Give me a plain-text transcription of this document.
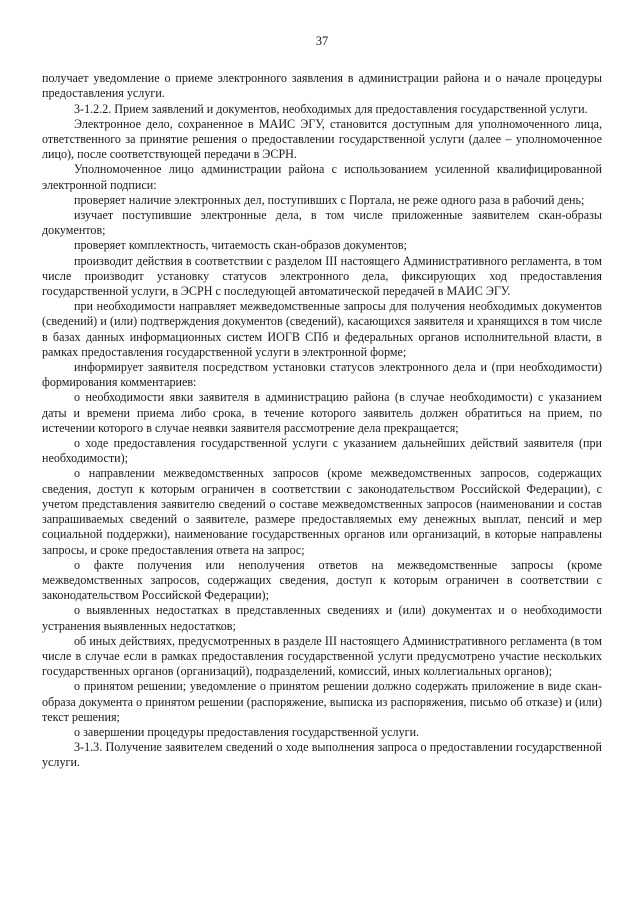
37

получает уведомление о приеме электронного заявления в администрации района и о начале процедуры предоставления услуги.

3-1.2.2. Прием заявлений и документов, необходимых для предоставления государственной услуги.

Электронное дело, сохраненное в МАИС ЭГУ, становится доступным для уполномоченного лица, ответственного за принятие решения о предоставлении государственной услуги (далее – уполномоченное лицо), после соответствующей передачи в ЭСРН.

Уполномоченное лицо администрации района с использованием усиленной квалифицированной электронной подписи:

проверяет наличие электронных дел, поступивших с Портала, не реже одного раза в рабочий день;

изучает поступившие электронные дела, в том числе приложенные заявителем скан-образы документов;

проверяет комплектность, читаемость скан-образов документов;

производит действия в соответствии с разделом III настоящего Административного регламента, в том числе производит установку статусов электронного дела, фиксирующих ход предоставления государственной услуги, в ЭСРН с последующей автоматической передачей в МАИС ЭГУ.

при необходимости направляет межведомственные запросы для получения необходимых документов (сведений) и (или) подтверждения документов (сведений), касающихся заявителя и хранящихся в том числе в базах данных информационных систем ИОГВ СПб и федеральных органов исполнительной власти, в рамках предоставления государственной услуги в электронной форме;

информирует заявителя посредством установки статусов электронного дела и (при необходимости) формирования комментариев:

о необходимости явки заявителя в администрацию района (в случае необходимости) с указанием даты и времени приема либо срока, в течение которого заявитель должен обратиться на прием, по истечении которого в случае неявки заявителя рассмотрение дела прекращается;

о ходе предоставления государственной услуги с указанием дальнейших действий заявителя (при необходимости);

о направлении межведомственных запросов (кроме межведомственных запросов, содержащих сведения, доступ к которым ограничен в соответствии с законодательством Российской Федерации), с учетом представления заявителю сведений о составе межведомственных запросов (наименовании и состав запрашиваемых сведений о заявителе, размере предоставляемых ему денежных выплат, пенсий и мер социальной поддержки), наименование государственных органов или организаций, в которые направлены запросы, и сроке предоставления ответа на запрос;

о факте получения или неполучения ответов на межведомственные запросы (кроме межведомственных запросов, содержащих сведения, доступ к которым ограничен в соответствии с законодательством Российской Федерации);

о выявленных недостатках в представленных сведениях и (или) документах и о необходимости устранения выявленных недостатков;

об иных действиях, предусмотренных в разделе III настоящего Административного регламента (в том числе в случае если в рамках предоставления государственной услуги предусмотрено участие нескольких государственных органов (организаций), подразделений, комиссий, иных коллегиальных органов);

о принятом решении; уведомление о принятом решении должно содержать приложение в виде скан-образа документа о принятом решении (распоряжение, выписка из распоряжения, письмо об отказе) и (или) текст решения;

о завершении процедуры предоставления государственной услуги.

3-1.3. Получение заявителем сведений о ходе выполнения запроса о предоставлении государственной услуги.
